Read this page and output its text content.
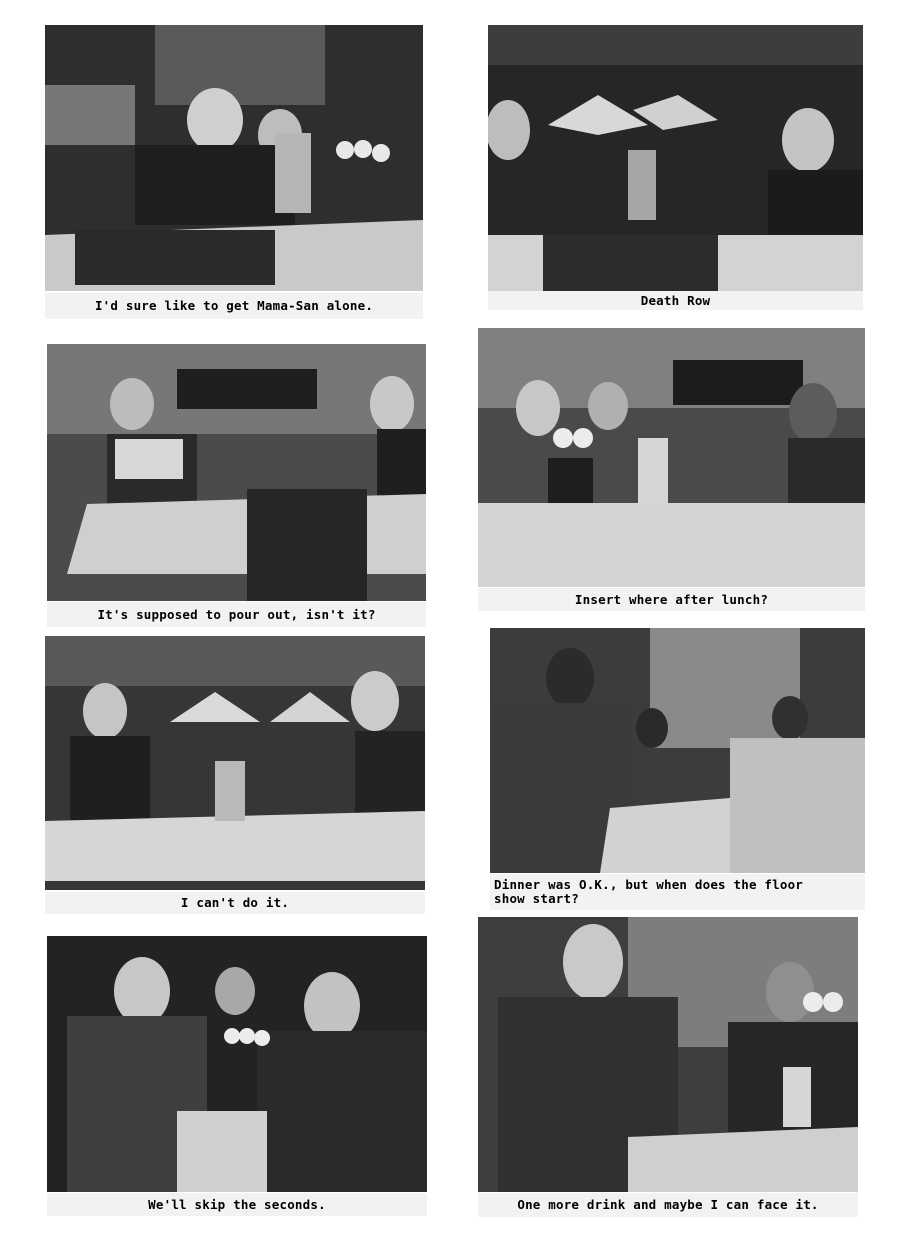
I'd sure like to get Mama-San alone.	Death Row
It's supposed to pour out, isn't it?
Insert where after lunch?
I can't do it.
Dinner was O.K., but when does the floor
show start?
We'll skip the seconds.	One more drink and maybe I can face it.
